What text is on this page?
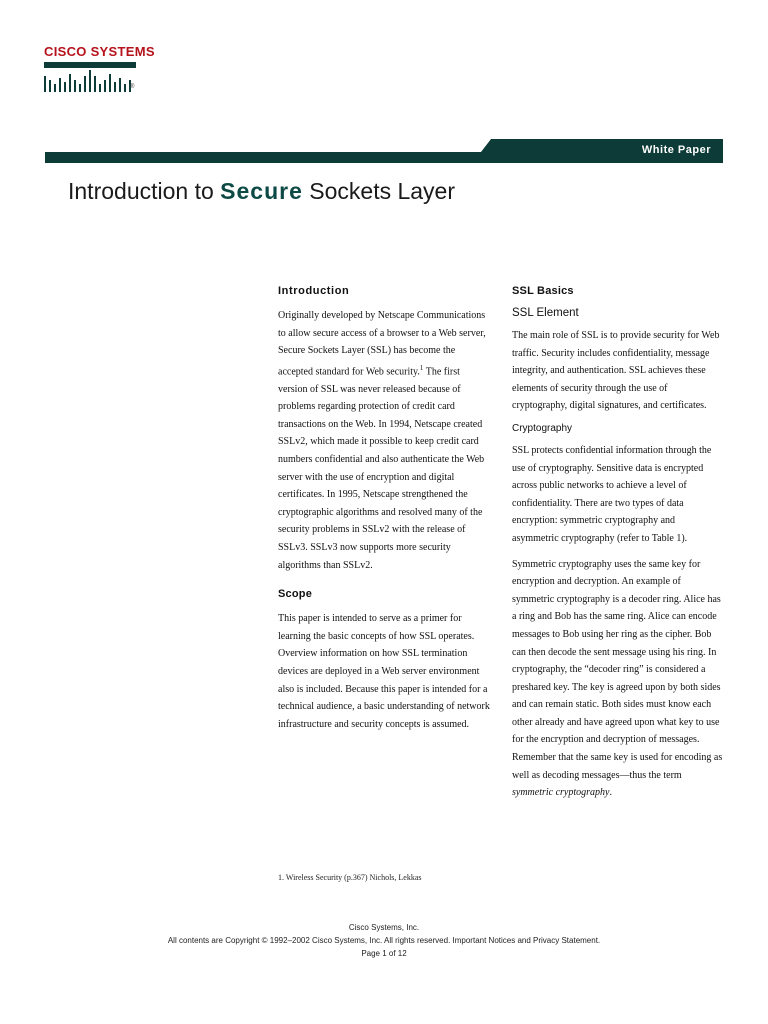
CISCO SYSTEMS
®
White Paper
Introduction to Secure Sockets Layer
Introduction

Originally developed by Netscape Communications to allow secure access of a browser to a Web server, Secure Sockets Layer (SSL) has become the accepted standard for Web security.$^1$ The first version of SSL was never released because of problems regarding protection of credit card transactions on the Web. In 1994, Netscape created SSLv2, which made it possible to keep credit card numbers confidential and also authenticate the Web server with the use of encryption and digital certificates. In 1995, Netscape strengthened the cryptographic algorithms and resolved many of the security problems in SSLv2 with the release of SSLv3. SSLv3 now supports more security algorithms than SSLv2.

Scope

This paper is intended to serve as a primer for learning the basic concepts of how SSL operates. Overview information on how SSL termination devices are deployed in a Web server environment also is included. Because this paper is intended for a technical audience, a basic understanding of network infrastructure and security concepts is assumed.

1. Wireless Security (p.367) Nichols, Lekkas
SSL Basics
SSL Element

The main role of SSL is to provide security for Web traffic. Security includes confidentiality, message integrity, and authentication. SSL achieves these elements of security through the use of cryptography, digital signatures, and certificates.

Cryptography

SSL protects confidential information through the use of cryptography. Sensitive data is encrypted across public networks to achieve a level of confidentiality. There are two types of data encryption: symmetric cryptography and asymmetric cryptography (refer to Table 1).

Symmetric cryptography uses the same key for encryption and decryption. An example of symmetric cryptography is a decoder ring. Alice has a ring and Bob has the same ring. Alice can encode messages to Bob using her ring as the cipher. Bob can then decode the sent message using his ring. In cryptography, the “decoder ring” is considered a preshared key. The key is agreed upon by both sides and can remain static. Both sides must know each other already and have agreed upon what key to use for the encryption and decryption of messages. Remember that the same key is used for encoding as well as decoding messages—thus the term symmetric cryptography.

Cisco Systems, Inc.
All contents are Copyright © 1992–2002 Cisco Systems, Inc. All rights reserved. Important Notices and Privacy Statement.
Page 1 of 12
